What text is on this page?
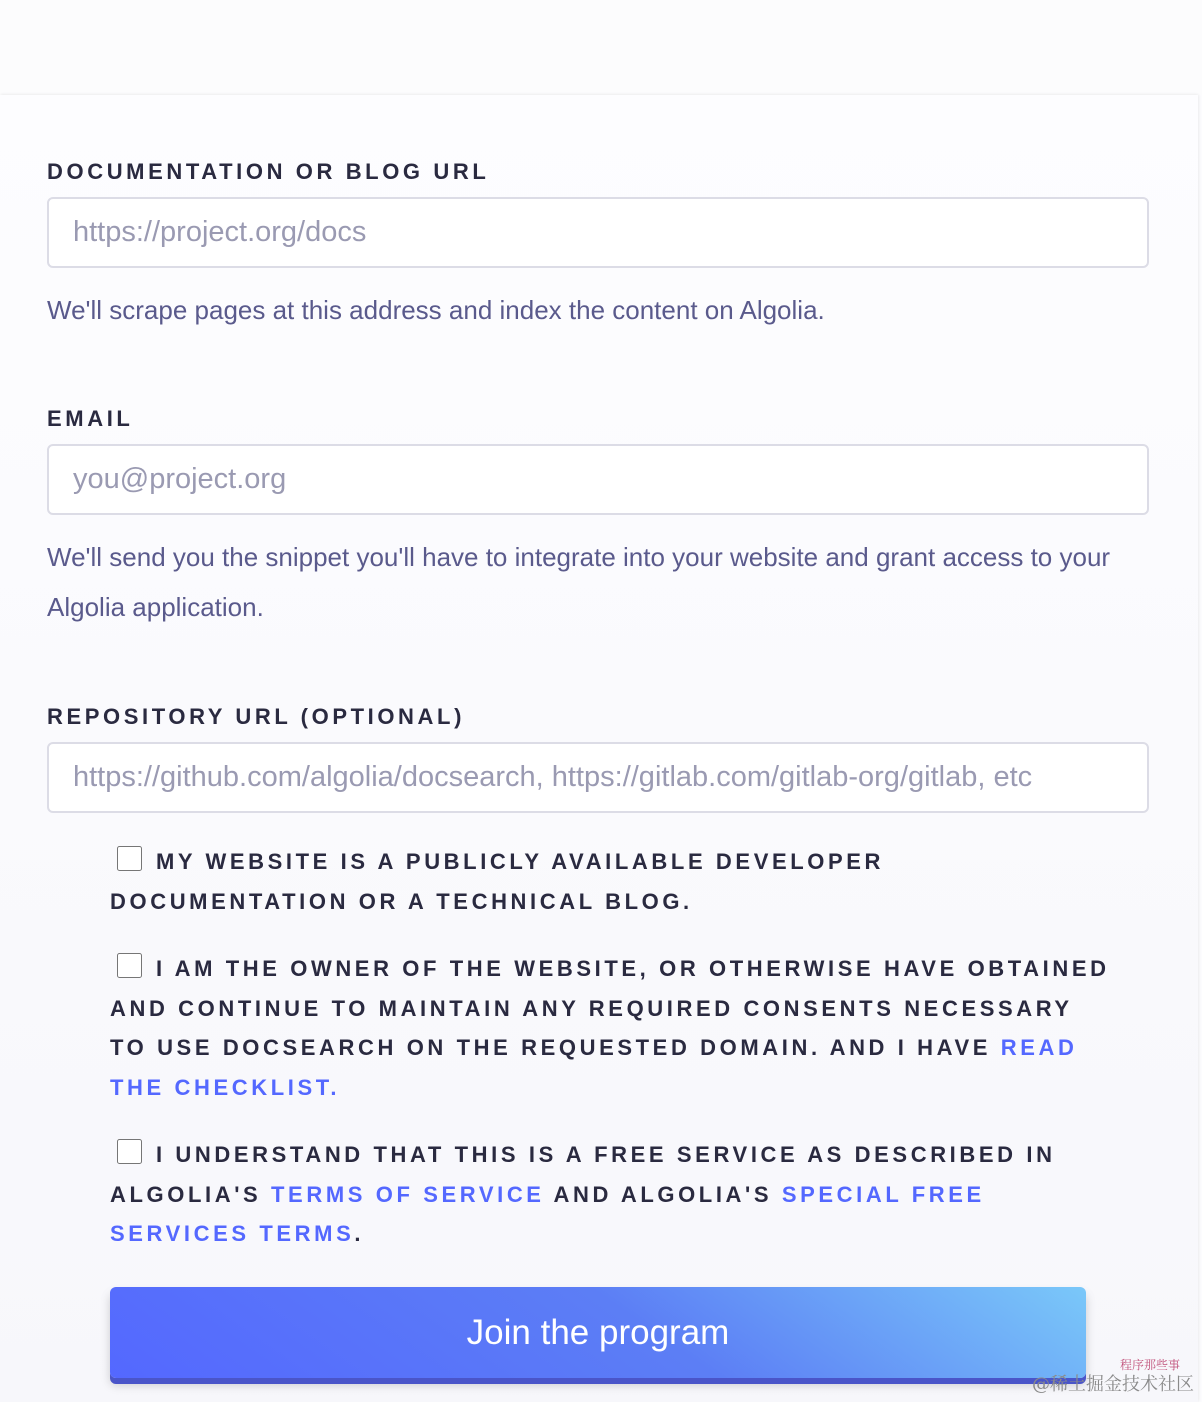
DOCUMENTATION OR BLOG URL
https://project.org/docs
We'll scrape pages at this address and index the content on Algolia.
EMAIL
you@project.org
We'll send you the snippet you'll have to integrate into your website and grant access to your Algolia application.
REPOSITORY URL (OPTIONAL)
https://github.com/algolia/docsearch, https://gitlab.com/gitlab-org/gitlab, etc
MY WEBSITE IS A PUBLICLY AVAILABLE DEVELOPER DOCUMENTATION OR A TECHNICAL BLOG.
I AM THE OWNER OF THE WEBSITE, OR OTHERWISE HAVE OBTAINED AND CONTINUE TO MAINTAIN ANY REQUIRED CONSENTS NECESSARY TO USE DOCSEARCH ON THE REQUESTED DOMAIN. AND I HAVE READ THE CHECKLIST.
I UNDERSTAND THAT THIS IS A FREE SERVICE AS DESCRIBED IN ALGOLIA'S TERMS OF SERVICE AND ALGOLIA'S SPECIAL FREE SERVICES TERMS.
Join the program
程序那些事
@稀土掘金技术社区
